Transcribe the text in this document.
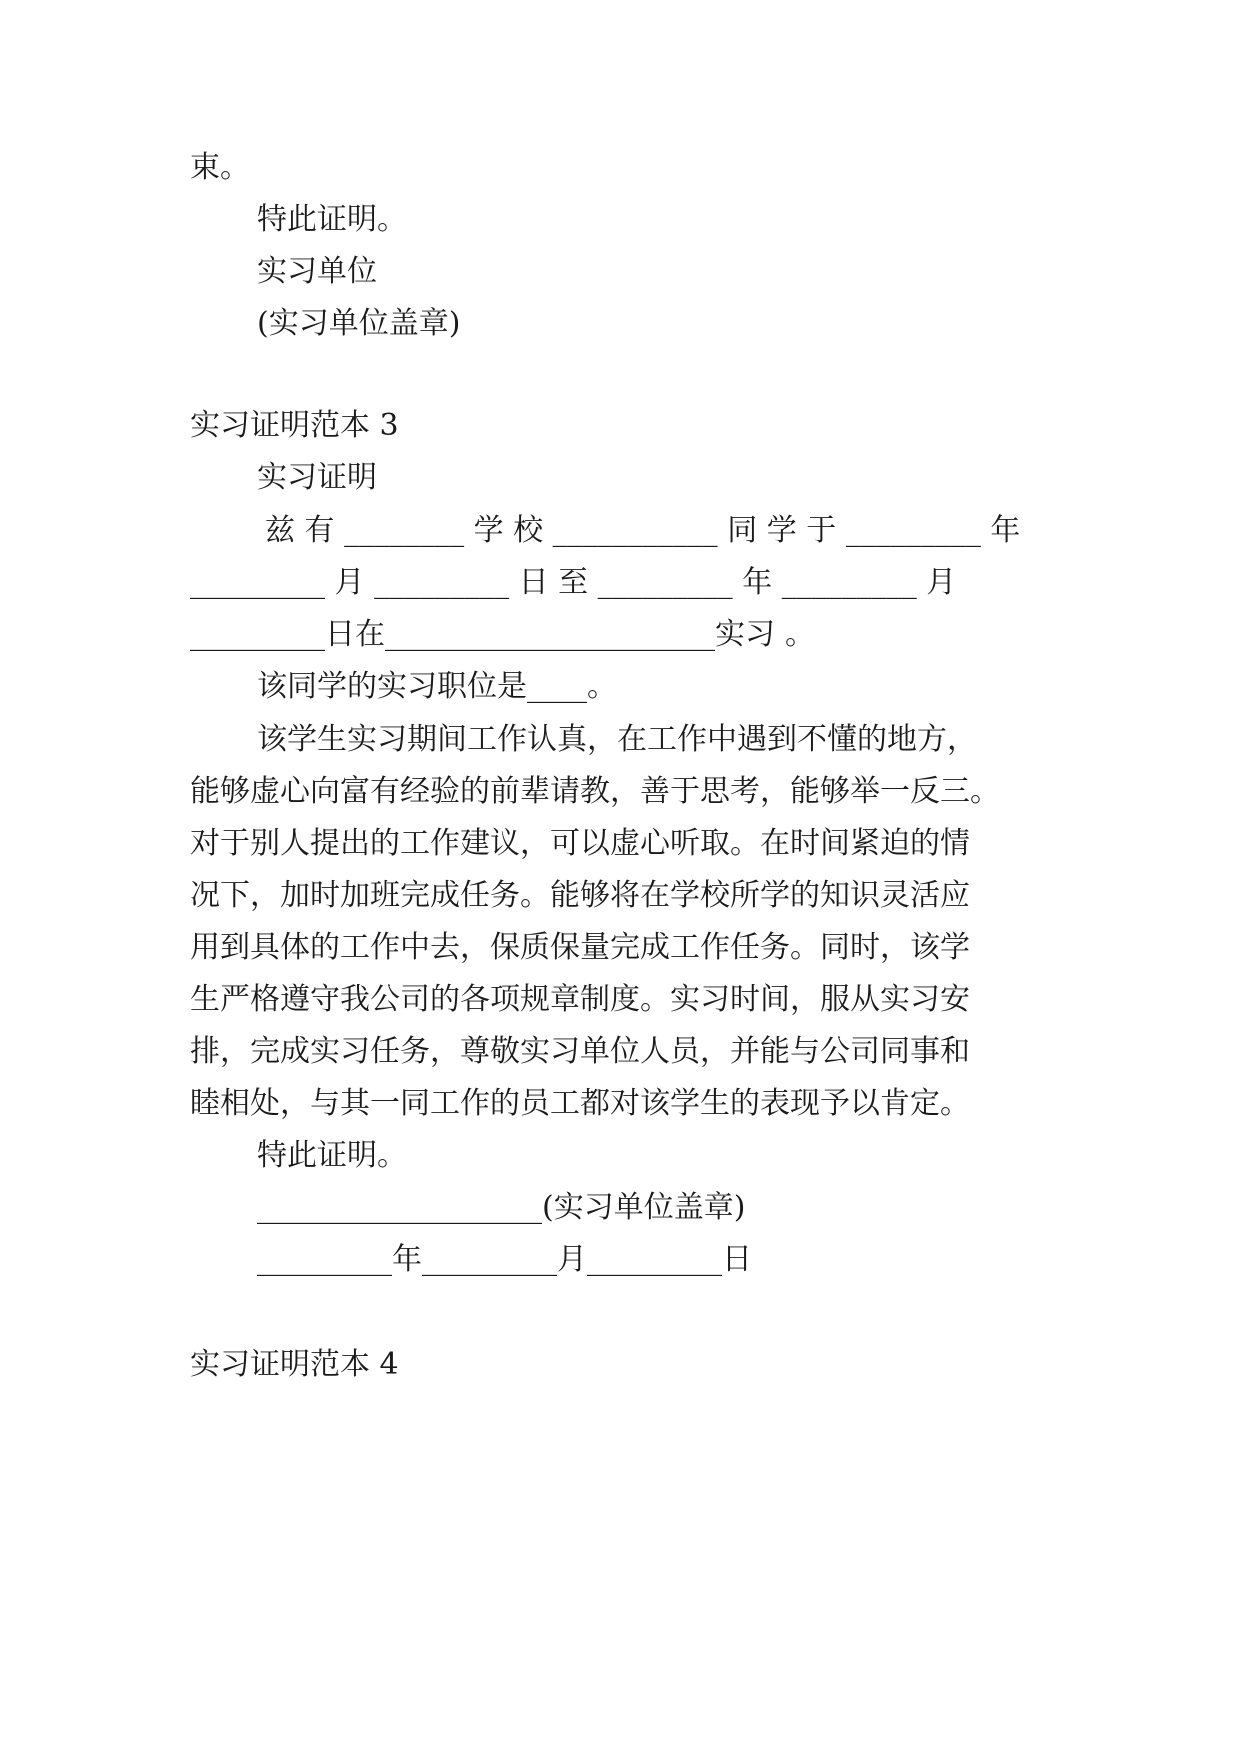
束。
特此证明。
实习单位
(实习单位盖章)
实习证明范本 3
实习证明
兹 有 ________ 学 校 ___________ 同 学 于 _________ 年
_________ 月 _________ 日 至 _________ 年 _________ 月
_________日在______________________实习 。
该同学的实习职位是____。
该学生实习期间工作认真，在工作中遇到不懂的地方，
能够虚心向富有经验的前辈请教，善于思考，能够举一反三。
对于别人提出的工作建议，可以虚心听取。在时间紧迫的情
况下，加时加班完成任务。能够将在学校所学的知识灵活应
用到具体的工作中去，保质保量完成工作任务。同时，该学
生严格遵守我公司的各项规章制度。实习时间，服从实习安
排，完成实习任务，尊敬实习单位人员，并能与公司同事和
睦相处，与其一同工作的员工都对该学生的表现予以肯定。
特此证明。
___________________(实习单位盖章)
_________年_________月_________日
实习证明范本 4
